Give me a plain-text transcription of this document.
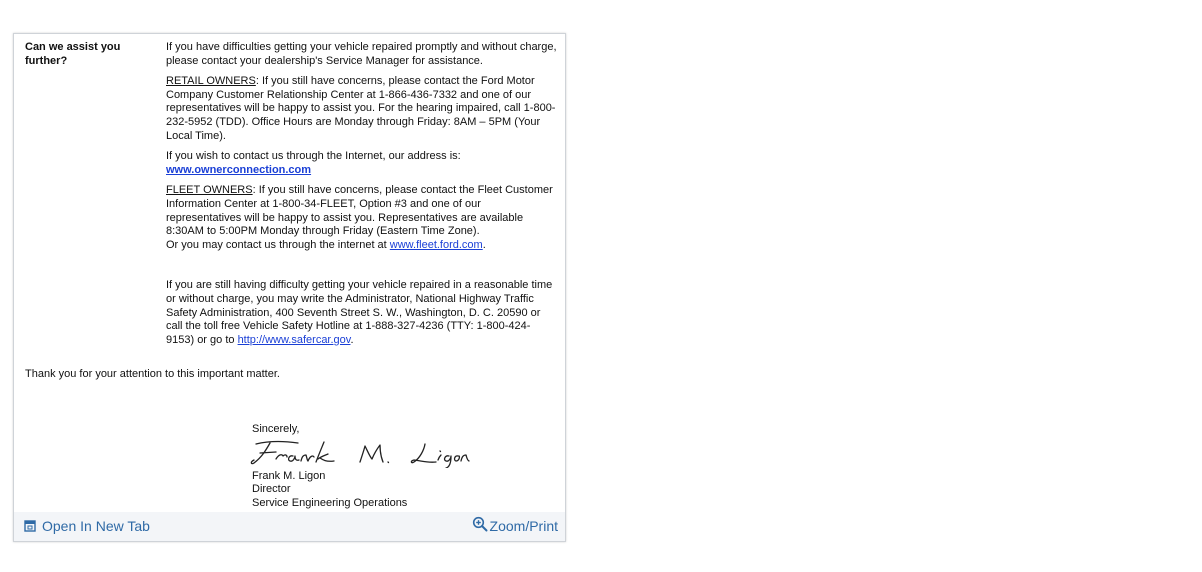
Can we assist you further?

If you have difficulties getting your vehicle repaired promptly and without charge, please contact your dealership's Service Manager for assistance.

RETAIL OWNERS: If you still have concerns, please contact the Ford Motor Company Customer Relationship Center at 1-866-436-7332 and one of our representatives will be happy to assist you. For the hearing impaired, call 1-800-232-5952 (TDD). Office Hours are Monday through Friday: 8AM – 5PM (Your Local Time).

If you wish to contact us through the Internet, our address is:
www.ownerconnection.com

FLEET OWNERS: If you still have concerns, please contact the Fleet Customer Information Center at 1-800-34-FLEET, Option #3 and one of our representatives will be happy to assist you. Representatives are available 8:30AM to 5:00PM Monday through Friday (Eastern Time Zone).
Or you may contact us through the internet at www.fleet.ford.com.

If you are still having difficulty getting your vehicle repaired in a reasonable time or without charge, you may write the Administrator, National Highway Traffic Safety Administration, 400 Seventh Street S. W., Washington, D. C. 20590 or call the toll free Vehicle Safety Hotline at 1-888-327-4236 (TTY: 1-800-424-9153) or go to http://www.safercar.gov.

Thank you for your attention to this important matter.
Sincerely,
Frank M. Ligon
Director
Service Engineering Operations
Open In New Tab	Zoom/Print
